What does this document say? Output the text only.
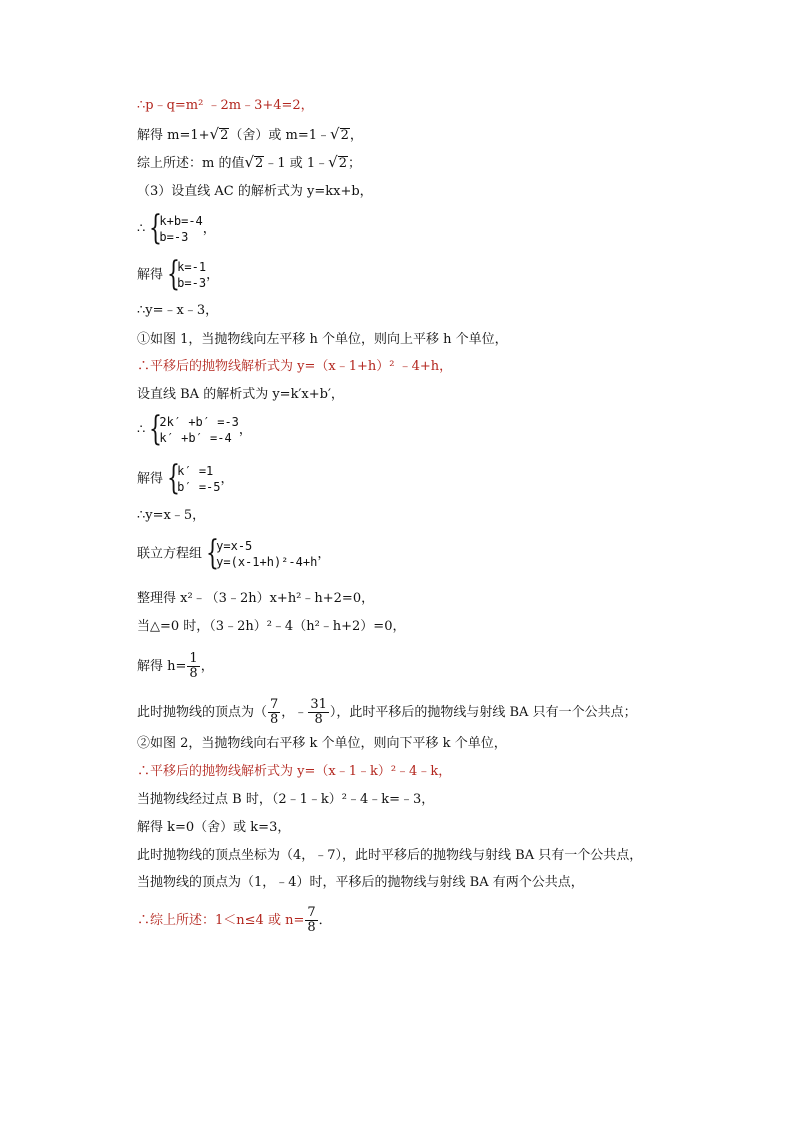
∴p﹣q=m² ﹣2m﹣3+4=2，
解得 m=1+√2（舍）或 m=1﹣√2，
综上所述：m 的值√2﹣1 或 1﹣√2；
（3）设直线 AC 的解析式为 y=kx+b，
∴ {
k+b=-4
b=-3
，
解得 {
k=-1
b=-3
，
∴y=﹣x﹣3，
①如图 1，当抛物线向左平移 h 个单位，则向上平移 h 个单位，
∴平移后的抛物线解析式为 y=（x﹣1+h）² ﹣4+h，
设直线 BA 的解析式为 y=k′x+b′，
∴ {
2k′ +b′ =-3
k′ +b′ =-4
，
解得 {
k′ =1
b′ =-5
，
∴y=x﹣5，
联立方程组 {
y=x-5
y=(x-1+h)²-4+h
，
整理得 x²﹣（3﹣2h）x+h²﹣h+2=0，
当△=0 时，（3﹣2h）²﹣4（h²﹣h+2）=0，
解得 $h= \frac{1}{8}$ ，
此时抛物线的顶点为（ $\frac{7}{8}$ ，﹣ $\frac{31}{8}$ ），此时平移后的抛物线与射线 BA 只有一个公共点；
②如图 2，当抛物线向右平移 k 个单位，则向下平移 k 个单位，
∴平移后的抛物线解析式为 y=（x﹣1﹣k）²﹣4﹣k，
当抛物线经过点 B 时，（2﹣1﹣k）²﹣4﹣k=﹣3，
解得 k=0（舍）或 k=3，
此时抛物线的顶点坐标为（4，﹣7），此时平移后的抛物线与射线 BA 只有一个公共点，
当抛物线的顶点为（1，﹣4）时，平移后的抛物线与射线 BA 有两个公共点，
∴综上所述：1＜n≤4 或 $n= \frac{7}{8}$ ．
